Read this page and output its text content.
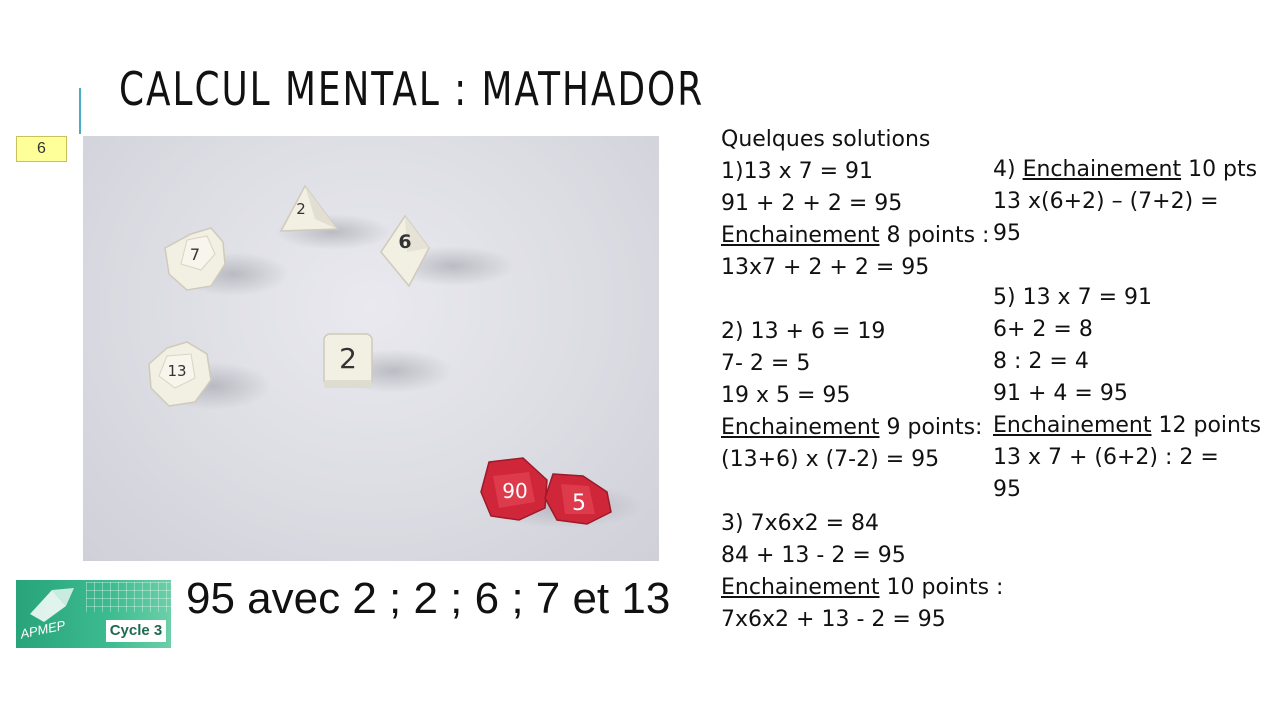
CALCUL MENTAL : MATHADOR
6
2
7
6
13	2
90 5
APMEP	Cycle 3
95 avec 2 ; 2 ; 6 ; 7 et 13
Quelques solutions
1)13 x 7 = 91
91 + 2 + 2 = 95
Enchainement 8 points :
13x7 + 2 + 2 = 95
2) 13 + 6 = 19
7- 2 = 5
19 x 5 = 95
Enchainement 9 points:
(13+6) x (7-2) = 95
3) 7x6x2 = 84
84 + 13 - 2 = 95
Enchainement 10 points :
7x6x2 + 13 - 2 = 95
4) Enchainement 10 pts
13 x(6+2) – (7+2) =
95
5) 13 x 7 = 91
6+ 2 = 8
8 : 2 = 4
91 + 4 = 95
Enchainement 12 points
13 x 7 + (6+2) : 2 =
95
